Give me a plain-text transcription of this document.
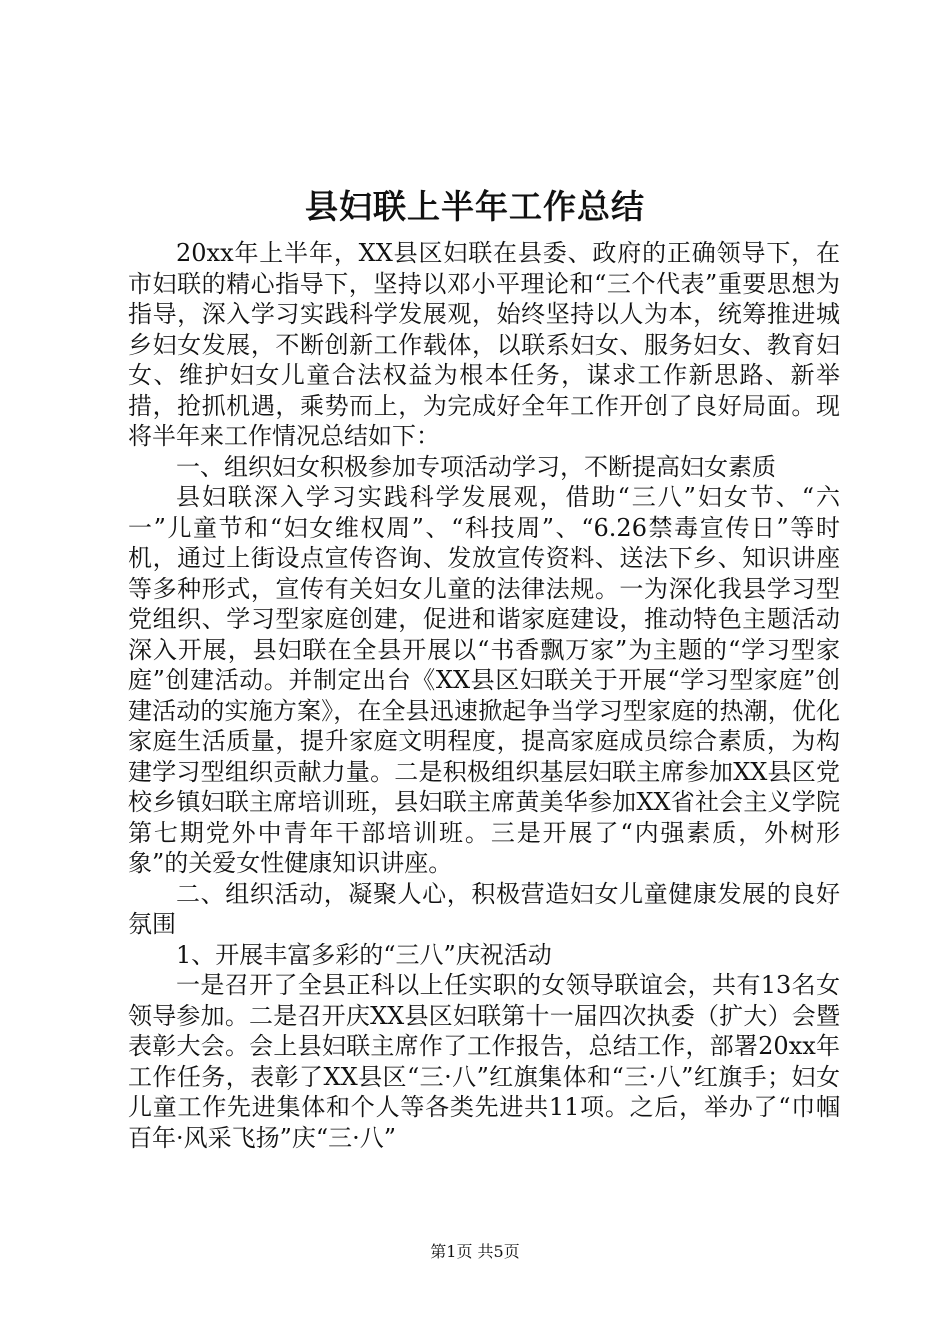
县妇联上半年工作总结

20xx年上半年，XX县区妇联在县委、政府的正确领导下，在市妇联的精心指导下，坚持以邓小平理论和“三个代表”重要思想为指导，深入学习实践科学发展观，始终坚持以人为本，统筹推进城乡妇女发展，不断创新工作载体，以联系妇女、服务妇女、教育妇女、维护妇女儿童合法权益为根本任务，谋求工作新思路、新举措，抢抓机遇，乘势而上，为完成好全年工作开创了良好局面。现将半年来工作情况总结如下：

一、组织妇女积极参加专项活动学习，不断提高妇女素质

县妇联深入学习实践科学发展观，借助“三八”妇女节、“六一”儿童节和“妇女维权周”、“科技周”、“6.26禁毒宣传日”等时机，通过上街设点宣传咨询、发放宣传资料、送法下乡、知识讲座等多种形式，宣传有关妇女儿童的法律法规。一为深化我县学习型党组织、学习型家庭创建，促进和谐家庭建设，推动特色主题活动深入开展，县妇联在全县开展以“书香飘万家”为主题的“学习型家庭”创建活动。并制定出台《XX县区妇联关于开展“学习型家庭”创建活动的实施方案》，在全县迅速掀起争当学习型家庭的热潮，优化家庭生活质量，提升家庭文明程度，提高家庭成员综合素质，为构建学习型组织贡献力量。二是积极组织基层妇联主席参加XX县区党校乡镇妇联主席培训班，县妇联主席黄美华参加XX省社会主义学院第七期党外中青年干部培训班。三是开展了“内强素质，外树形象”的关爱女性健康知识讲座。

二、组织活动，凝聚人心，积极营造妇女儿童健康发展的良好氛围

1、开展丰富多彩的“三八”庆祝活动

一是召开了全县正科以上任实职的女领导联谊会，共有13名女领导参加。二是召开庆XX县区妇联第十一届四次执委（扩大）会暨表彰大会。会上县妇联主席作了工作报告，总结工作，部署20xx年工作任务，表彰了XX县区“三·八”红旗集体和“三·八”红旗手；妇女儿童工作先进集体和个人等各类先进共11项。之后，举办了“巾帼百年·风采飞扬”庆“三·八”

第1页 共5页
